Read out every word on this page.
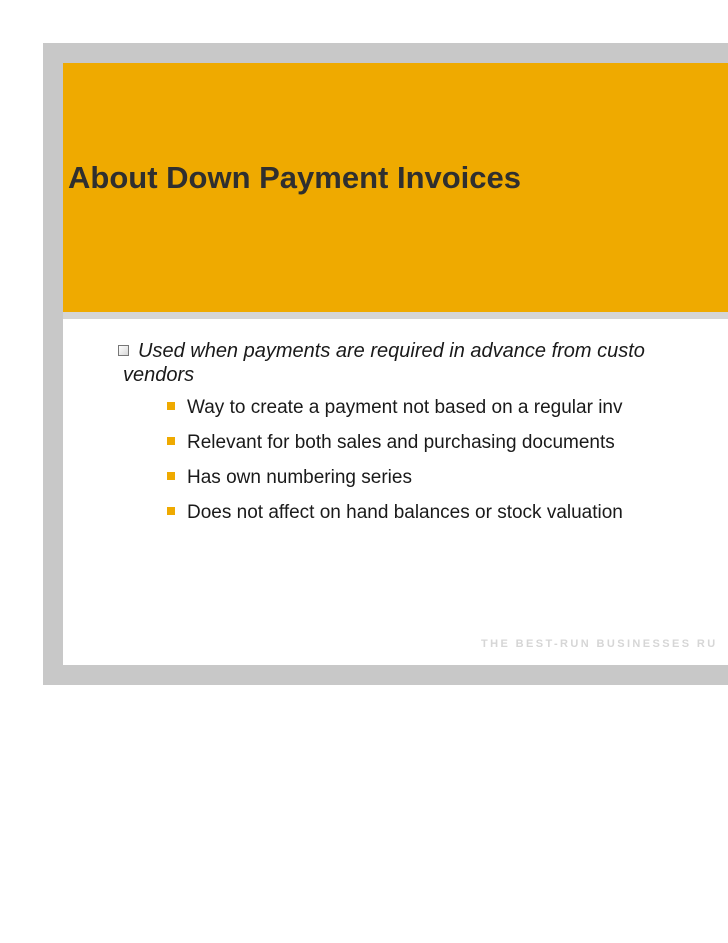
About Down Payment Invoices
Used when payments are required in advance from custo
vendors
Way to create a payment not based on a regular inv
Relevant for both sales and purchasing documents
Has own numbering series
Does not affect on hand balances or stock valuation
THE BEST-RUN BUSINESSES RU
